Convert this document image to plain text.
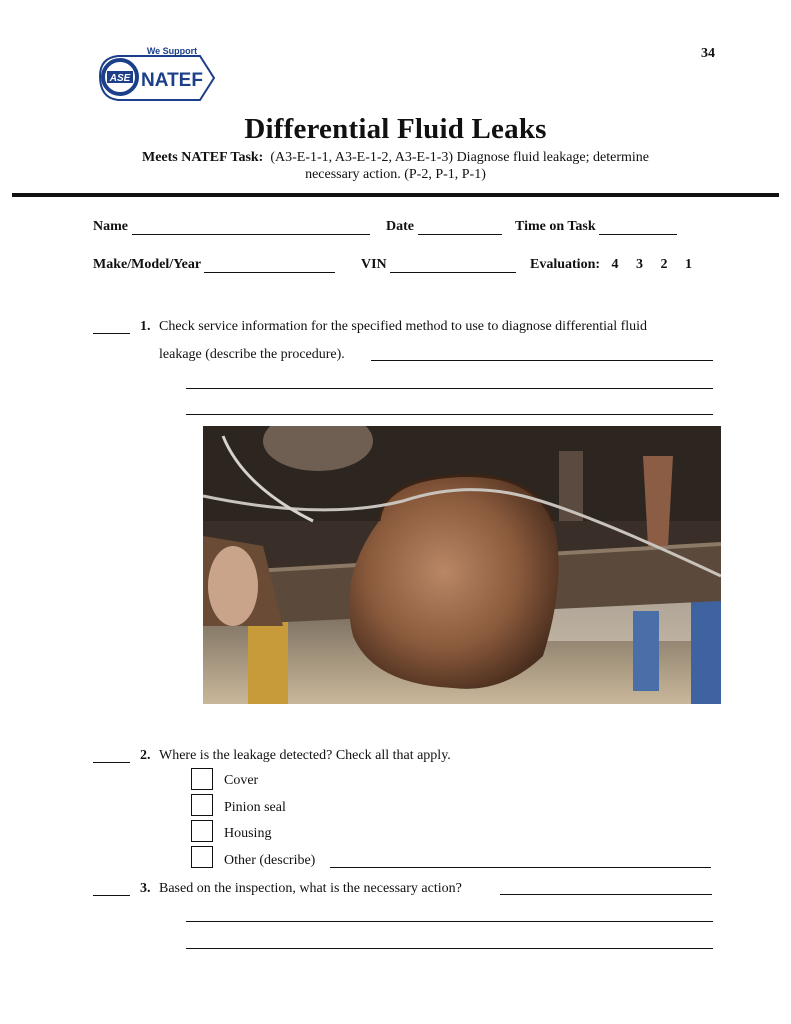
ASE NATEF
We Support	34
Differential Fluid Leaks
Meets NATEF Task: (A3-E-1-1, A3-E-1-2, A3-E-1-3) Diagnose fluid leakage; determine
necessary action. (P-2, P-1, P-1)
Name	Date	Time on Task
Make/Model/Year	VIN	Evaluation: 4 3 2 1
1. Check service information for the specified method to use to diagnose differential fluid
leakage (describe the procedure).
2. Where is the leakage detected? Check all that apply.
Cover
Pinion seal
Housing
Other (describe)
3. Based on the inspection, what is the necessary action?
